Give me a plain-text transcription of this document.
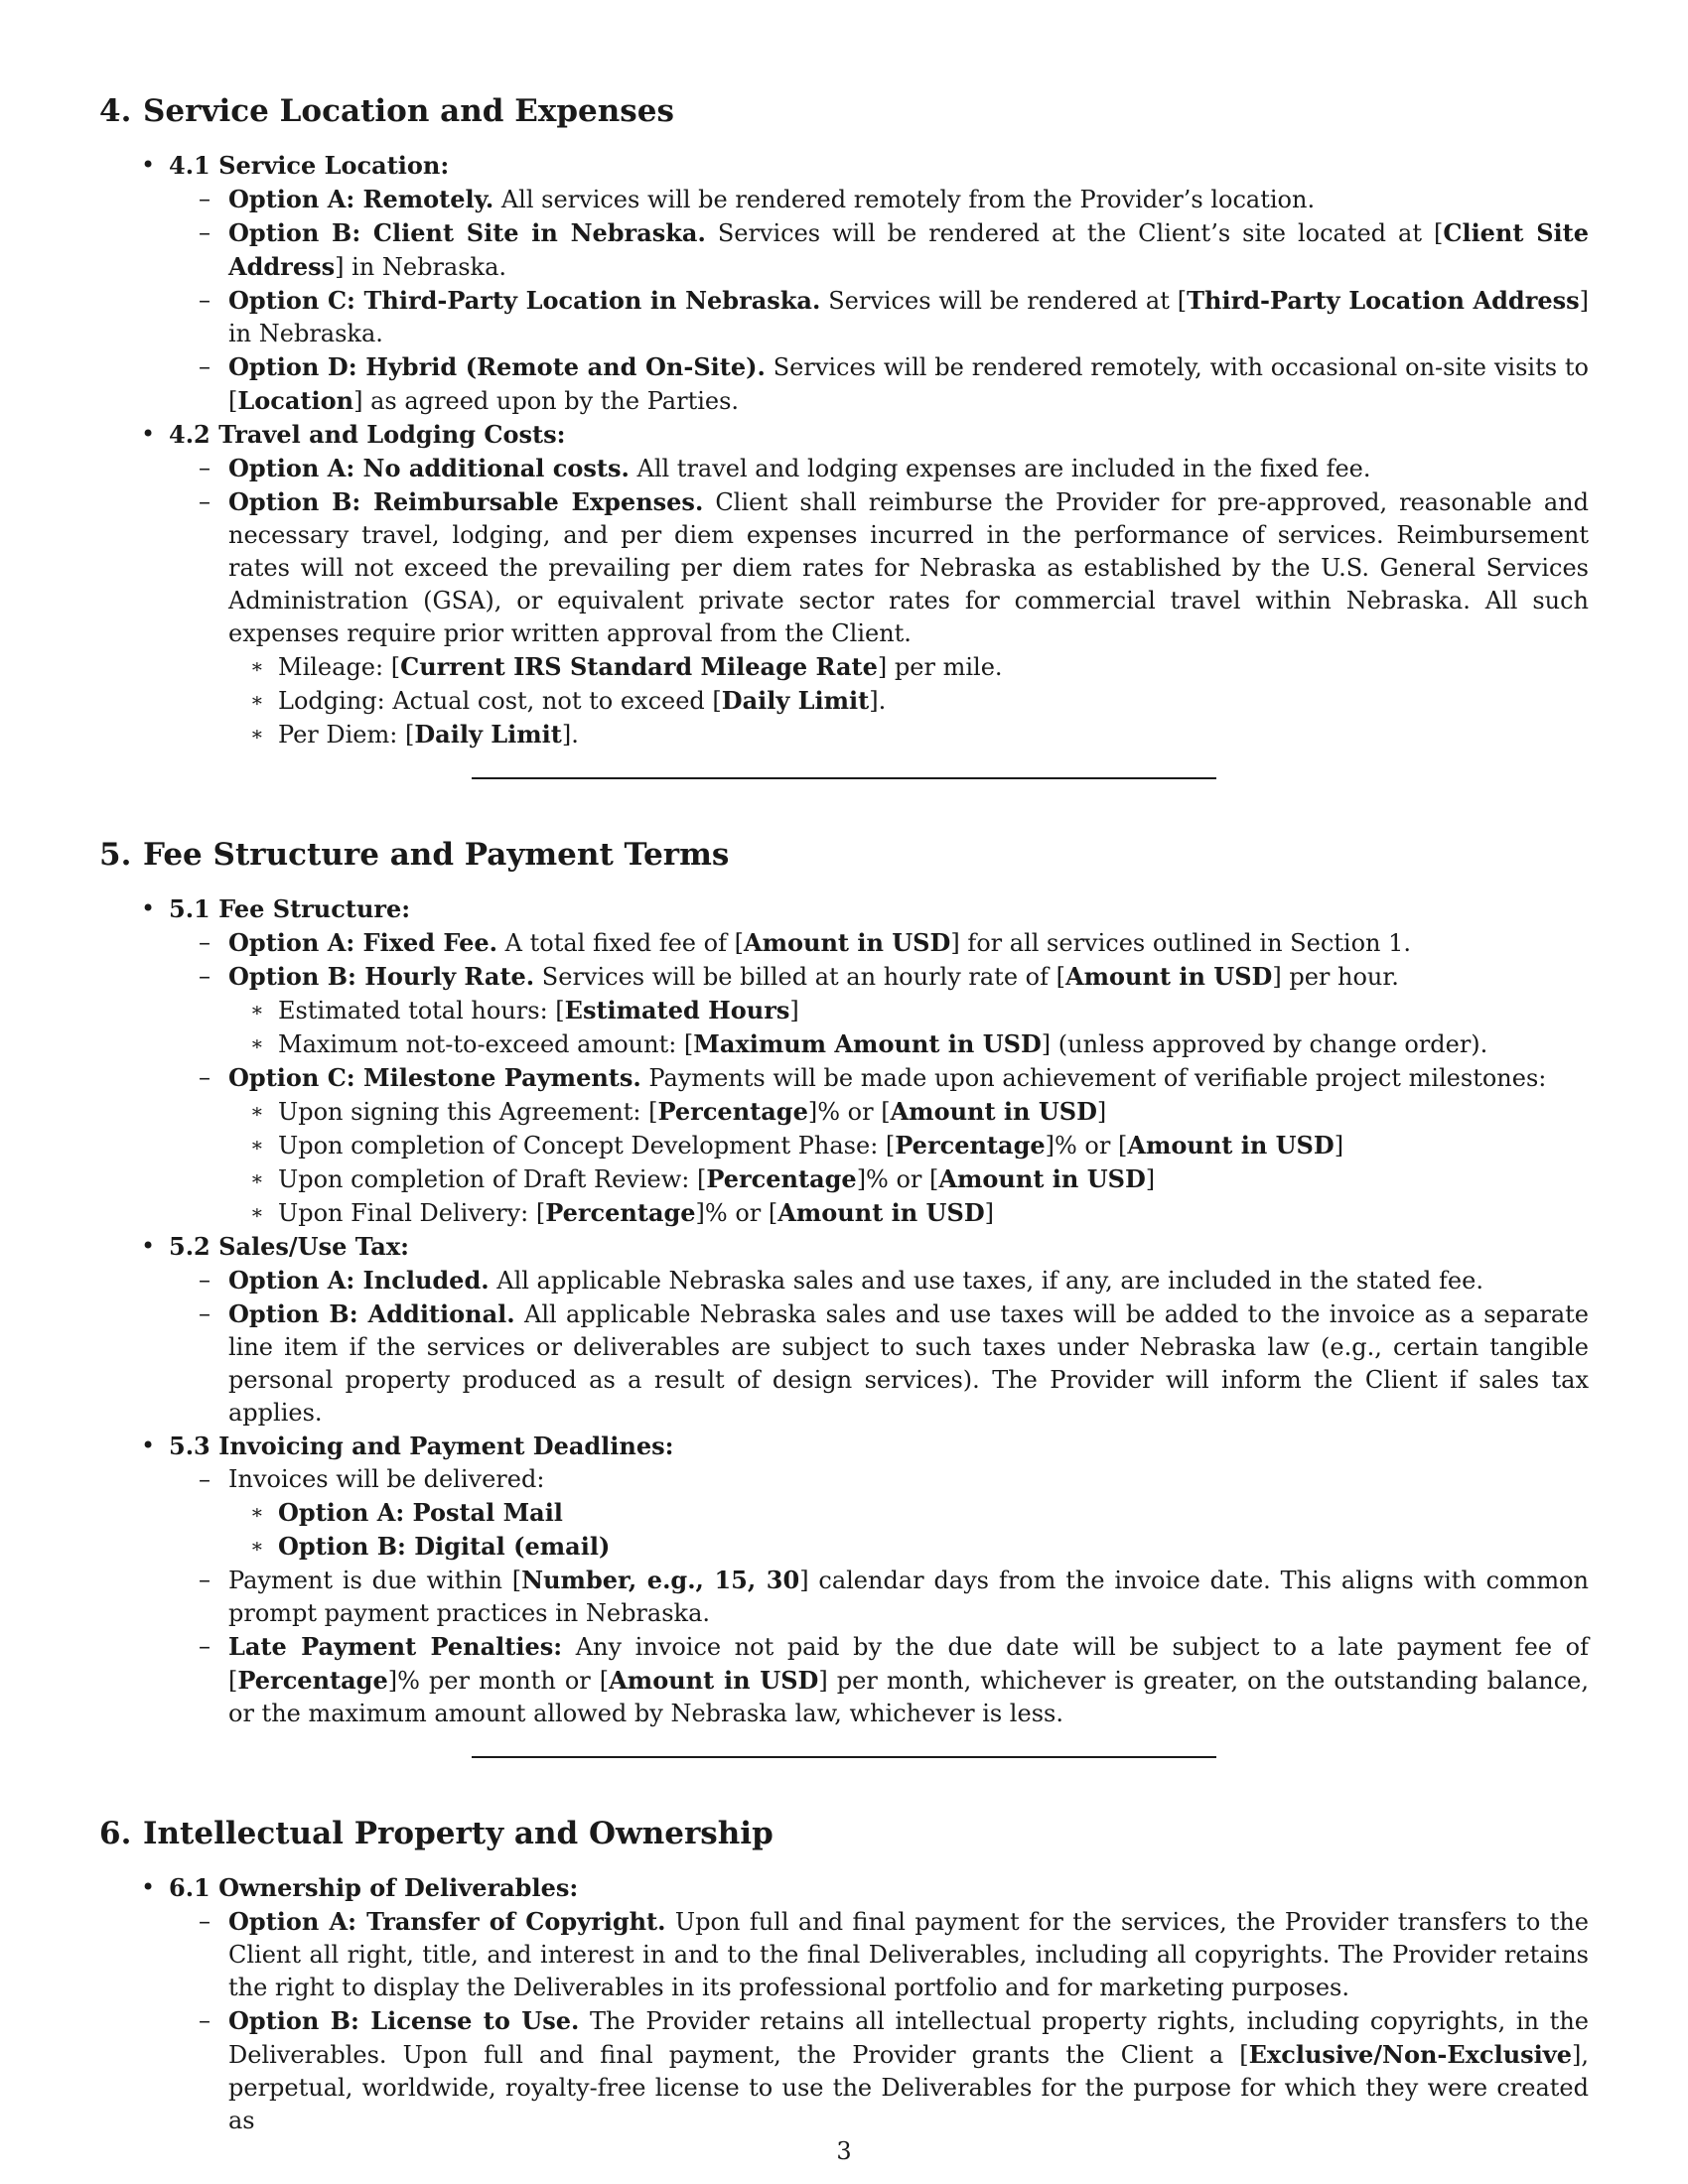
4. Service Location and Expenses
• 4.1 Service Location:
– Option A: Remotely. All services will be rendered remotely from the Provider’s location.
– Option B: Client Site in Nebraska. Services will be rendered at the Client’s site located at [Client Site Address] in Nebraska.
– Option C: Third-Party Location in Nebraska. Services will be rendered at [Third-Party Location Address] in Nebraska.
– Option D: Hybrid (Remote and On-Site). Services will be rendered remotely, with occasional on-site visits to [Location] as agreed upon by the Parties.
• 4.2 Travel and Lodging Costs:
– Option A: No additional costs. All travel and lodging expenses are included in the fixed fee.
– Option B: Reimbursable Expenses. Client shall reimburse the Provider for pre-approved, reasonable and necessary travel, lodging, and per diem expenses incurred in the performance of services. Reimbursement rates will not exceed the prevailing per diem rates for Nebraska as established by the U.S. General Services Administration (GSA), or equivalent private sector rates for commercial travel within Nebraska. All such expenses require prior written approval from the Client.
∗ Mileage: [Current IRS Standard Mileage Rate] per mile.
∗ Lodging: Actual cost, not to exceed [Daily Limit].
∗ Per Diem: [Daily Limit].
5. Fee Structure and Payment Terms
• 5.1 Fee Structure:
– Option A: Fixed Fee. A total fixed fee of [Amount in USD] for all services outlined in Section 1.
– Option B: Hourly Rate. Services will be billed at an hourly rate of [Amount in USD] per hour.
∗ Estimated total hours: [Estimated Hours]
∗ Maximum not-to-exceed amount: [Maximum Amount in USD] (unless approved by change order).
– Option C: Milestone Payments. Payments will be made upon achievement of verifiable project milestones:
∗ Upon signing this Agreement: [Percentage]% or [Amount in USD]
∗ Upon completion of Concept Development Phase: [Percentage]% or [Amount in USD]
∗ Upon completion of Draft Review: [Percentage]% or [Amount in USD]
∗ Upon Final Delivery: [Percentage]% or [Amount in USD]
• 5.2 Sales/Use Tax:
– Option A: Included. All applicable Nebraska sales and use taxes, if any, are included in the stated fee.
– Option B: Additional. All applicable Nebraska sales and use taxes will be added to the invoice as a separate line item if the services or deliverables are subject to such taxes under Nebraska law (e.g., certain tangible personal property produced as a result of design services). The Provider will inform the Client if sales tax applies.
• 5.3 Invoicing and Payment Deadlines:
– Invoices will be delivered:
∗ Option A: Postal Mail
∗ Option B: Digital (email)
– Payment is due within [Number, e.g., 15, 30] calendar days from the invoice date. This aligns with common prompt payment practices in Nebraska.
– Late Payment Penalties: Any invoice not paid by the due date will be subject to a late payment fee of [Percentage]% per month or [Amount in USD] per month, whichever is greater, on the outstanding balance, or the maximum amount allowed by Nebraska law, whichever is less.
6. Intellectual Property and Ownership
• 6.1 Ownership of Deliverables:
– Option A: Transfer of Copyright. Upon full and final payment for the services, the Provider transfers to the Client all right, title, and interest in and to the final Deliverables, including all copyrights. The Provider retains the right to display the Deliverables in its professional portfolio and for marketing purposes.
– Option B: License to Use. The Provider retains all intellectual property rights, including copyrights, in the Deliverables. Upon full and final payment, the Provider grants the Client a [Exclusive/Non-Exclusive], perpetual, worldwide, royalty-free license to use the Deliverables for the purpose for which they were created as
3
